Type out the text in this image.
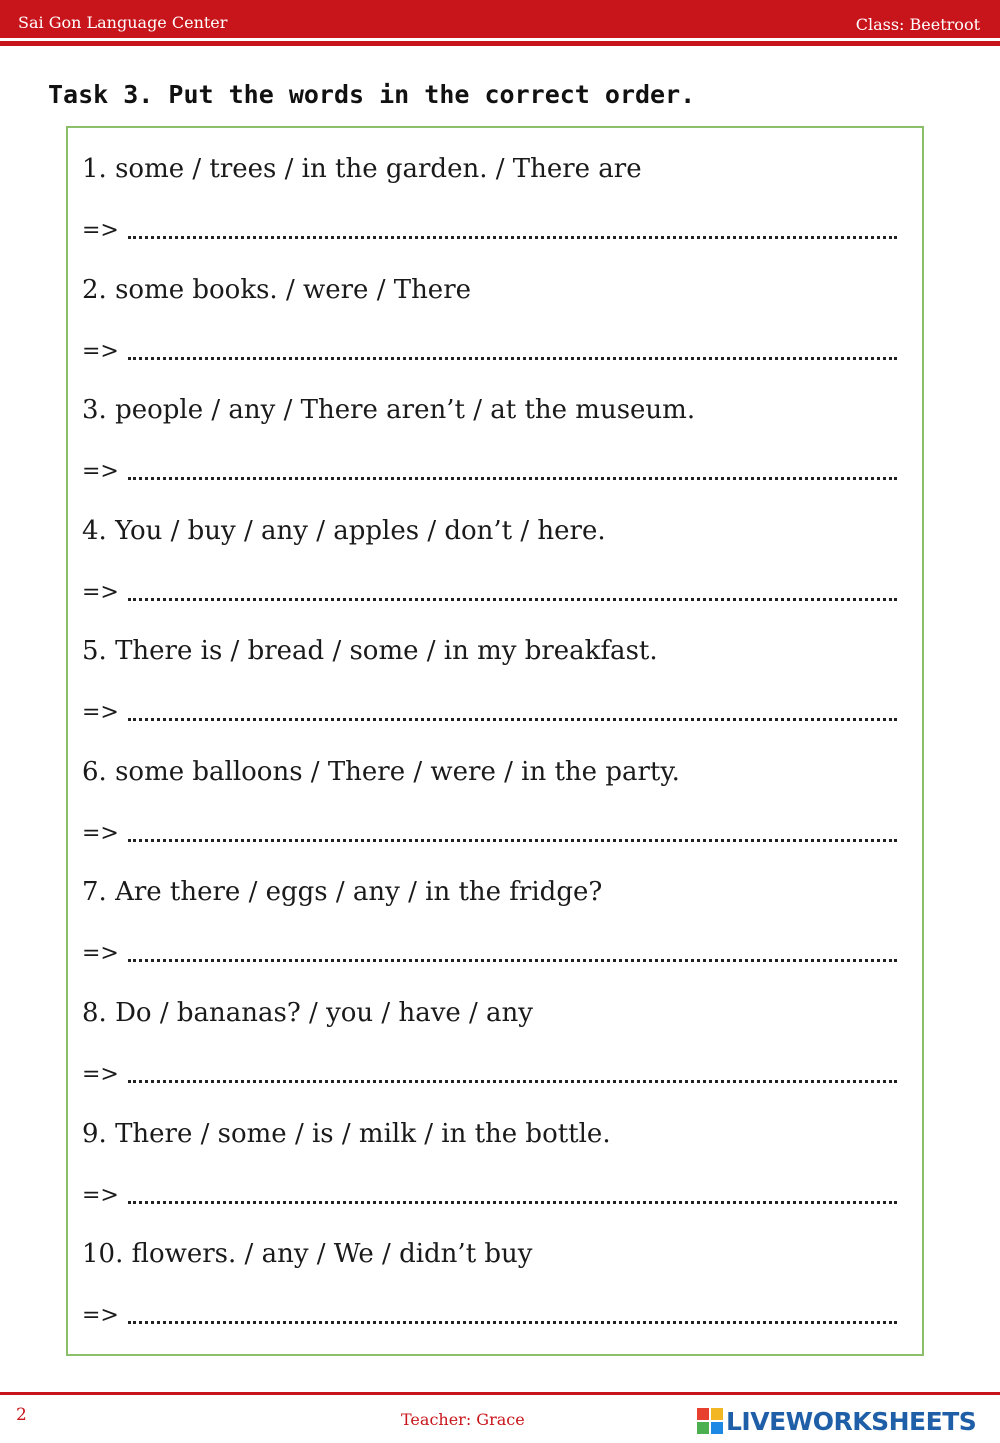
Sai Gon Language Center	Class: Beetroot
Task 3. Put the words in the correct order.
1. some / trees / in the garden. / There are
=>
2. some books. / were / There
=>
3. people / any / There aren’t / at the museum.
=>
4. You / buy / any / apples / don’t / here.
=>
5. There is / bread / some / in my breakfast.
=>
6. some balloons / There / were / in the party.
=>
7. Are there / eggs / any / in the fridge?
=>
8. Do / bananas? / you / have / any
=>
9. There / some / is / milk / in the bottle.
=>
10. flowers. / any / We / didn’t buy
=>
2	Teacher: Grace	LIVEWORKSHEETS
